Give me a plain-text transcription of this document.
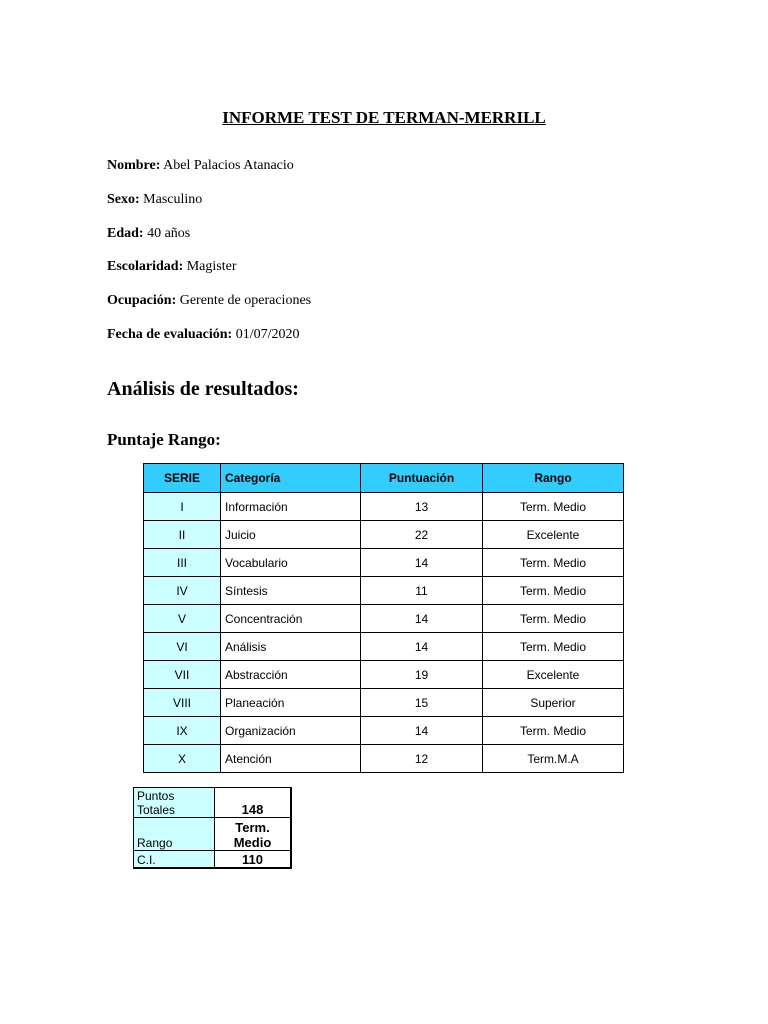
INFORME TEST DE TERMAN-MERRILL
Nombre: Abel Palacios Atanacio
Sexo: Masculino
Edad: 40 años
Escolaridad: Magister
Ocupación: Gerente de operaciones
Fecha de evaluación: 01/07/2020
Análisis de resultados:
Puntaje Rango:
SERIE	Categoría	Puntuación	Rango
I	Información	13	Term. Medio
II	Juicio	22	Excelente
III	Vocabulario	14	Term. Medio
IV	Síntesis	11	Term. Medio
V	Concentración	14	Term. Medio
VI	Análisis	14	Term. Medio
VII	Abstracción	19	Excelente
VIII	Planeación	15	Superior
IX	Organización	14	Term. Medio
X	Atención	12	Term.M.A
Puntos
Totales	148
Rango	Term.
Medio
C.I.	110
